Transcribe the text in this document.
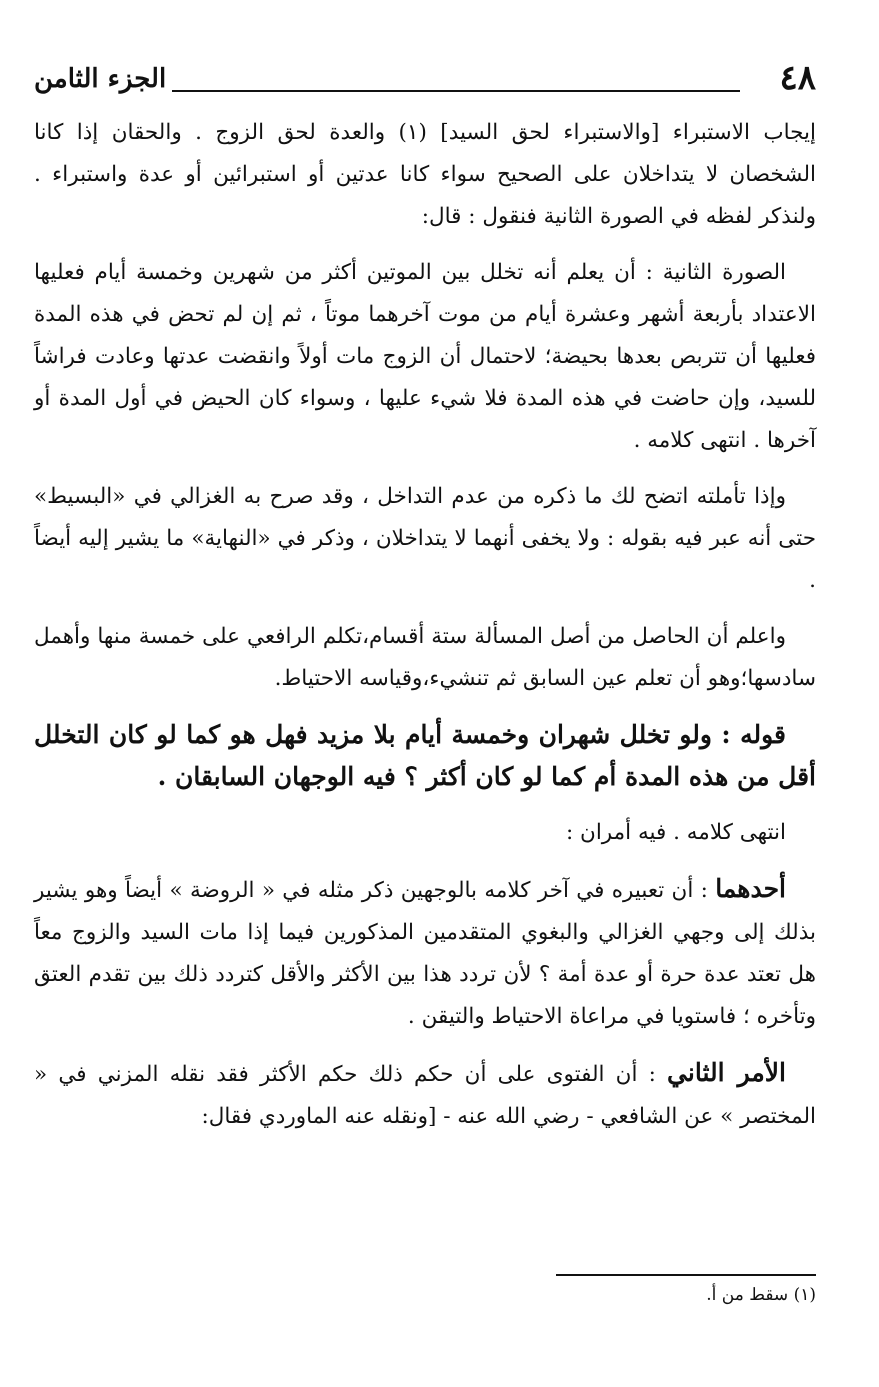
٤٨
الجزء الثامن

إيجاب الاستبراء [والاستبراء لحق السيد] (١) والعدة لحق الزوج . والحقان إذا كانا الشخصان لا يتداخلان على الصحيح سواء كانا عدتين أو استبرائين أو عدة واستبراء . ولنذكر لفظه في الصورة الثانية فنقول : قال:

الصورة الثانية : أن يعلم أنه تخلل بين الموتين أكثر من شهرين وخمسة أيام فعليها الاعتداد بأربعة أشهر وعشرة أيام من موت آخرهما موتاً ، ثم إن لم تحض في هذه المدة فعليها أن تتربص بعدها بحيضة؛ لاحتمال أن الزوج مات أولاً وانقضت عدتها وعادت فراشاً للسيد، وإن حاضت في هذه المدة فلا شيء عليها ، وسواء كان الحيض في أول المدة أو آخرها . انتهى كلامه .

وإذا تأملته اتضح لك ما ذكره من عدم التداخل ، وقد صرح به الغزالي في «البسيط» حتى أنه عبر فيه بقوله : ولا يخفى أنهما لا يتداخلان ، وذكر في «النهاية» ما يشير إليه أيضاً .

واعلم أن الحاصل من أصل المسألة ستة أقسام،تكلم الرافعي على خمسة منها وأهمل سادسها؛وهو أن تعلم عين السابق ثم تنشيء،وقياسه الاحتياط.

قوله : ولو تخلل شهران وخمسة أيام بلا مزيد فهل هو كما لو كان التخلل أقل من هذه المدة أم كما لو كان أكثر ؟ فيه الوجهان السابقان .

انتهى كلامه . فيه أمران :

أحدهما : أن تعبيره في آخر كلامه بالوجهين ذكر مثله في « الروضة » أيضاً وهو يشير بذلك إلى وجهي الغزالي والبغوي المتقدمين المذكورين فيما إذا مات السيد والزوج معاً هل تعتد عدة حرة أو عدة أمة ؟ لأن تردد هذا بين الأكثر والأقل كتردد ذلك بين تقدم العتق وتأخره ؛ فاستويا في مراعاة الاحتياط والتيقن .

الأمر الثاني : أن الفتوى على أن حكم ذلك حكم الأكثر فقد نقله المزني في « المختصر » عن الشافعي - رضي الله عنه - [ونقله عنه الماوردي فقال:

(١) سقط من أ.
